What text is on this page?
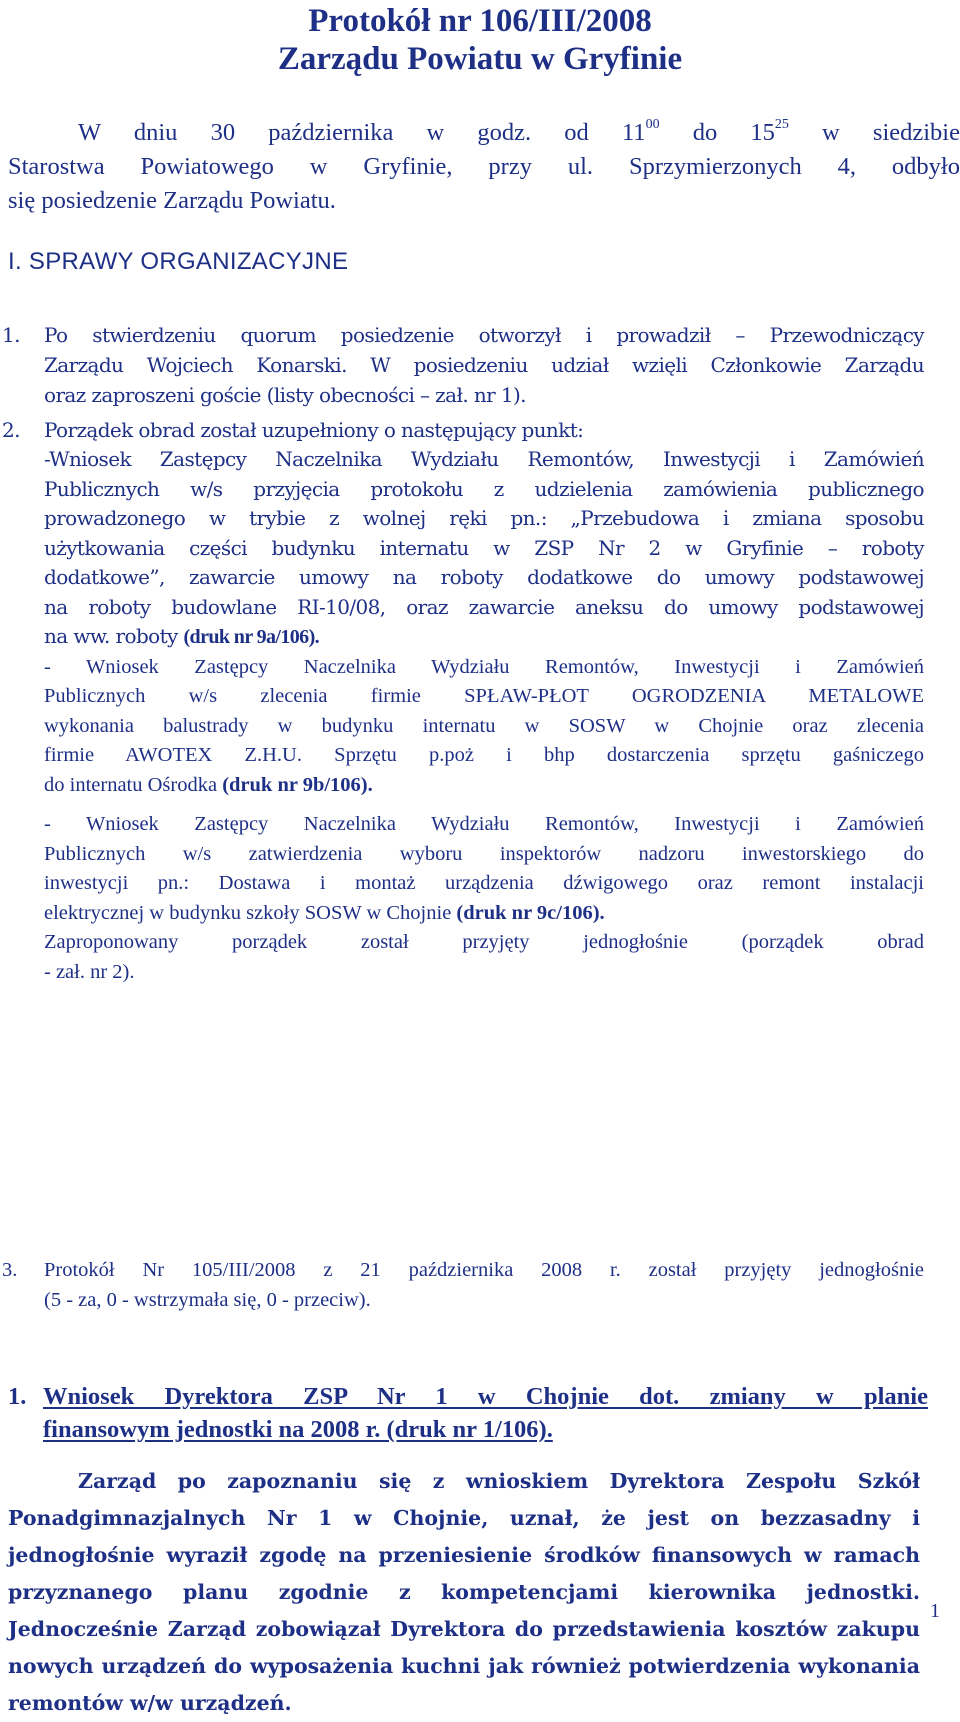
Protokół nr 106/III/2008
Zarządu Powiatu w Gryfinie
W dniu 30 października w godz. od $11^{00}$ do $15^{25}$ w siedzibie
Starostwa Powiatowego w Gryfinie, przy ul. Sprzymierzonych 4, odbyło
się posiedzenie Zarządu Powiatu.
I. SPRAWY ORGANIZACYJNE
1.	Po stwierdzeniu quorum posiedzenie otworzył i prowadził – Przewodniczący
Zarządu Wojciech Konarski. W posiedzeniu udział wzięli Członkowie Zarządu
oraz zaproszeni goście (listy obecności – zał. nr 1).
2.	Porządek obrad został uzupełniony o następujący punkt:
-Wniosek Zastępcy Naczelnika Wydziału Remontów, Inwestycji i Zamówień
Publicznych w/s przyjęcia protokołu z udzielenia zamówienia publicznego
prowadzonego w trybie z wolnej ręki pn.: „Przebudowa i zmiana sposobu
użytkowania części budynku internatu w ZSP Nr 2 w Gryfinie – roboty
dodatkowe”, zawarcie umowy na roboty dodatkowe do umowy podstawowej
na roboty budowlane RI-10/08, oraz zawarcie aneksu do umowy podstawowej
na ww. roboty (druk nr 9a/106).
- Wniosek Zastępcy Naczelnika Wydziału Remontów, Inwestycji i Zamówień
Publicznych w/s zlecenia firmie SPŁAW-PŁOT OGRODZENIA METALOWE
wykonania balustrady w budynku internatu w SOSW w Chojnie oraz zlecenia
firmie AWOTEX Z.H.U. Sprzętu p.poż i bhp dostarczenia sprzętu gaśniczego
do internatu Ośrodka (druk nr 9b/106).
- Wniosek Zastępcy Naczelnika Wydziału Remontów, Inwestycji i Zamówień
Publicznych w/s zatwierdzenia wyboru inspektorów nadzoru inwestorskiego do
inwestycji pn.: Dostawa i montaż urządzenia dźwigowego oraz remont instalacji
elektrycznej w budynku szkoły SOSW w Chojnie (druk nr 9c/106).
Zaproponowany porządek został przyjęty jednogłośnie (porządek obrad
- zał. nr 2).
3.	Protokół Nr 105/III/2008 z 21 października 2008 r. został przyjęty jednogłośnie
(5 - za, 0 - wstrzymała się, 0 - przeciw).
1. Wniosek Dyrektora ZSP Nr 1 w Chojnie dot. zmiany w planie
finansowym jednostki na 2008 r. (druk nr 1/106).
Zarząd po zapoznaniu się z wnioskiem Dyrektora Zespołu Szkół Ponadgimnazjalnych Nr 1 w Chojnie, uznał, że jest on bezzasadny i jednogłośnie wyraził zgodę na przeniesienie środków finansowych w ramach przyznanego planu zgodnie z kompetencjami kierownika jednostki. Jednocześnie Zarząd zobowiązał Dyrektora do przedstawienia kosztów zakupu nowych urządzeń do wyposażenia kuchni jak również potwierdzenia wykonania remontów w/w urządzeń.
1
